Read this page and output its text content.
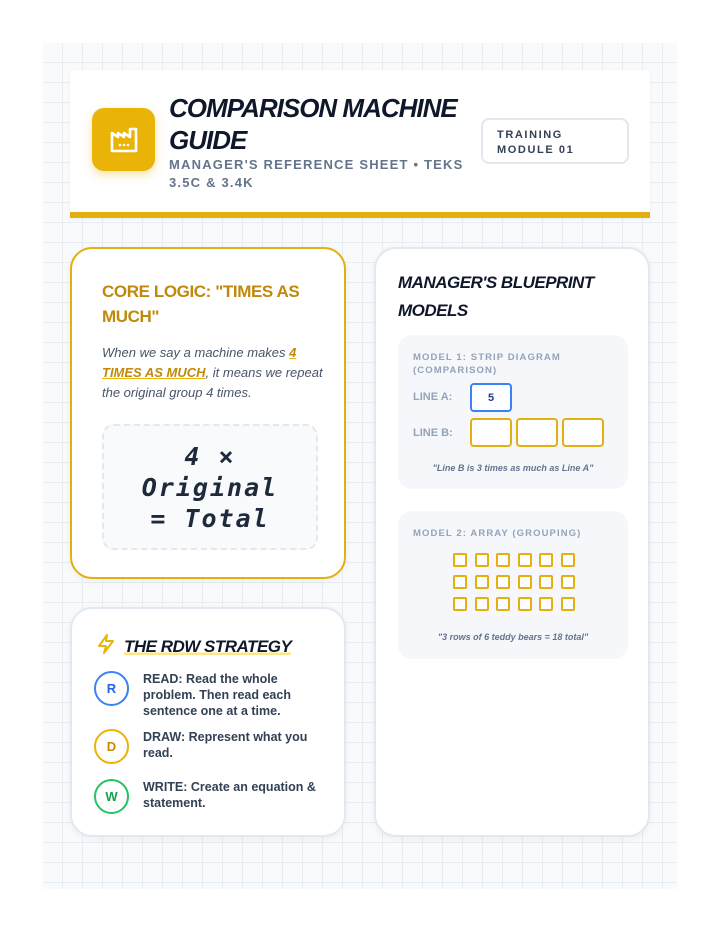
COMPARISON MACHINE GUIDE
MANAGER'S REFERENCE SHEET • TEKS 3.5C & 3.4K
TRAINING MODULE 01
CORE LOGIC: "TIMES AS MUCH"
When we say a machine makes 4 TIMES AS MUCH, it means we repeat the original group 4 times.
4 ×
Original
= Total
THE RDW STRATEGY
R
READ: Read the whole problem. Then read each sentence one at a time.
D
DRAW: Represent what you read.
W
WRITE: Create an equation & statement.
MANAGER'S BLUEPRINT MODELS
MODEL 1: STRIP DIAGRAM (COMPARISON)
LINE A:	5
LINE B:
"Line B is 3 times as much as Line A"
MODEL 2: ARRAY (GROUPING)
"3 rows of 6 teddy bears = 18 total"
